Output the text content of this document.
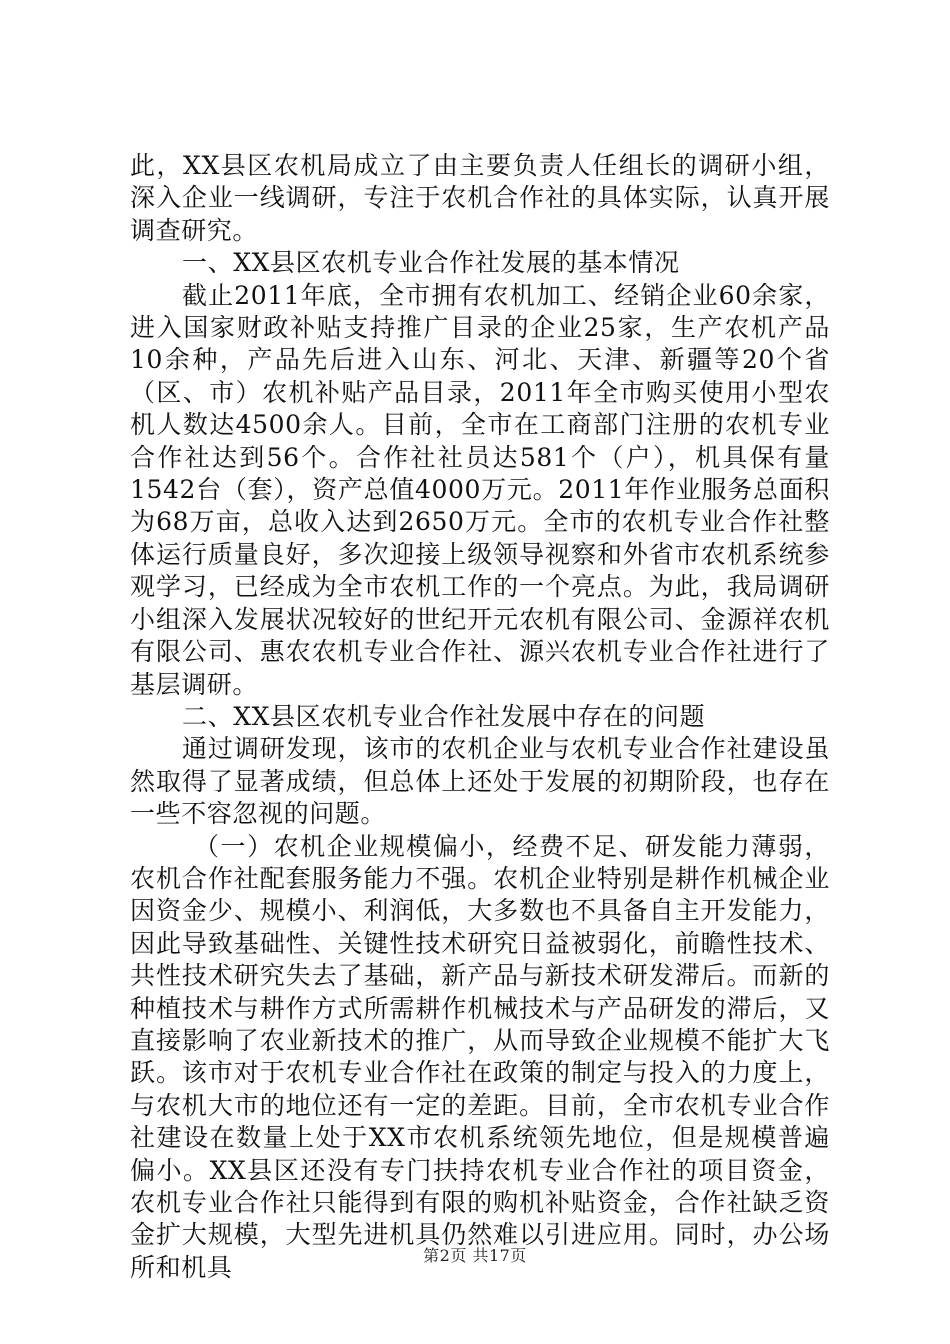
此，XX县区农机局成立了由主要负责人任组长的调研小组，深入企业一线调研，专注于农机合作社的具体实际，认真开展调查研究。

一、XX县区农机专业合作社发展的基本情况

截止2011年底，全市拥有农机加工、经销企业60余家，进入国家财政补贴支持推广目录的企业25家，生产农机产品10余种，产品先后进入山东、河北、天津、新疆等20个省（区、市）农机补贴产品目录，2011年全市购买使用小型农机人数达4500余人。目前，全市在工商部门注册的农机专业合作社达到56个。合作社社员达581个（户），机具保有量1542台（套），资产总值4000万元。2011年作业服务总面积为68万亩，总收入达到2650万元。全市的农机专业合作社整体运行质量良好，多次迎接上级领导视察和外省市农机系统参观学习，已经成为全市农机工作的一个亮点。为此，我局调研小组深入发展状况较好的世纪开元农机有限公司、金源祥农机有限公司、惠农农机专业合作社、源兴农机专业合作社进行了基层调研。

二、XX县区农机专业合作社发展中存在的问题

通过调研发现，该市的农机企业与农机专业合作社建设虽然取得了显著成绩，但总体上还处于发展的初期阶段，也存在一些不容忽视的问题。

（一）农机企业规模偏小，经费不足、研发能力薄弱，农机合作社配套服务能力不强。农机企业特别是耕作机械企业因资金少、规模小、利润低，大多数也不具备自主开发能力，因此导致基础性、关键性技术研究日益被弱化，前瞻性技术、共性技术研究失去了基础，新产品与新技术研发滞后。而新的种植技术与耕作方式所需耕作机械技术与产品研发的滞后，又直接影响了农业新技术的推广，从而导致企业规模不能扩大飞跃。该市对于农机专业合作社在政策的制定与投入的力度上，与农机大市的地位还有一定的差距。目前，全市农机专业合作社建设在数量上处于XX市农机系统领先地位，但是规模普遍偏小。XX县区还没有专门扶持农机专业合作社的项目资金，农机专业合作社只能得到有限的购机补贴资金，合作社缺乏资金扩大规模，大型先进机具仍然难以引进应用。同时，办公场所和机具	第2页 共17页
